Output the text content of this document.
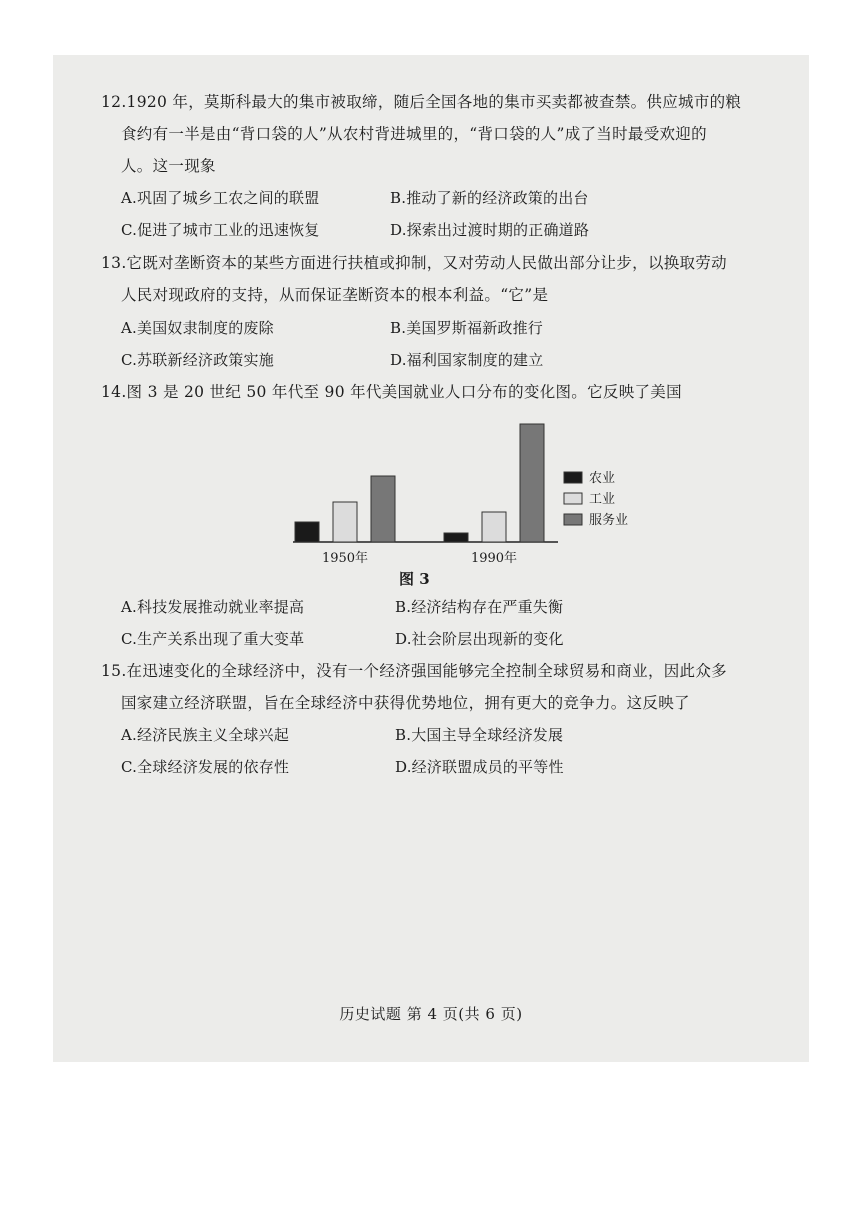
12.1920 年，莫斯科最大的集市被取缔，随后全国各地的集市买卖都被查禁。供应城市的粮
食约有一半是由“背口袋的人”从农村背进城里的，“背口袋的人”成了当时最受欢迎的
人。这一现象
A.巩固了城乡工农之间的联盟	B.推动了新的经济政策的出台
C.促进了城市工业的迅速恢复	D.探索出过渡时期的正确道路
13.它既对垄断资本的某些方面进行扶植或抑制，又对劳动人民做出部分让步，以换取劳动
人民对现政府的支持，从而保证垄断资本的根本利益。“它”是
A.美国奴隶制度的废除	B.美国罗斯福新政推行
C.苏联新经济政策实施	D.福利国家制度的建立
14.图 3 是 20 世纪 50 年代至 90 年代美国就业人口分布的变化图。它反映了美国
1950年	1990年
农业
工业
服务业
图 3
A.科技发展推动就业率提高	B.经济结构存在严重失衡
C.生产关系出现了重大变革	D.社会阶层出现新的变化
15.在迅速变化的全球经济中，没有一个经济强国能够完全控制全球贸易和商业，因此众多
国家建立经济联盟，旨在全球经济中获得优势地位，拥有更大的竞争力。这反映了
A.经济民族主义全球兴起	B.大国主导全球经济发展
C.全球经济发展的依存性	D.经济联盟成员的平等性
历史试题 第 4 页(共 6 页)
